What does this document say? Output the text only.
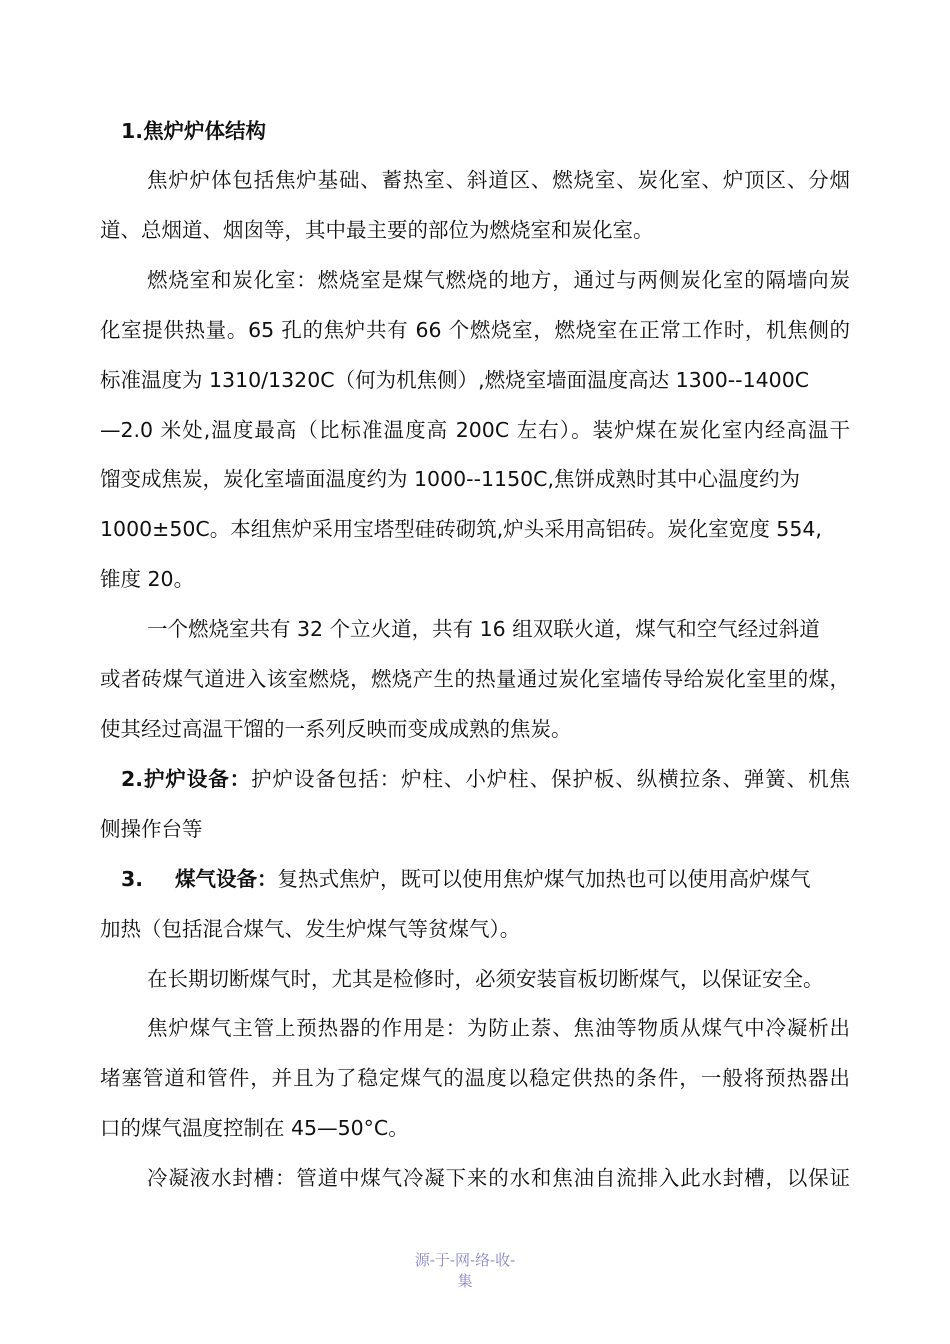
1.焦炉炉体结构
焦炉炉体包括焦炉基础、蓄热室、斜道区、燃烧室、炭化室、炉顶区、分烟
道、总烟道、烟囱等，其中最主要的部位为燃烧室和炭化室。
燃烧室和炭化室：燃烧室是煤气燃烧的地方，通过与两侧炭化室的隔墙向炭
化室提供热量。65 孔的焦炉共有 66 个燃烧室，燃烧室在正常工作时，机焦侧的
标准温度为 1310/1320C（何为机焦侧）,燃烧室墙面温度高达 1300--1400C
—2.0 米处,温度最高（比标准温度高 200C 左右）。装炉煤在炭化室内经高温干
馏变成焦炭，炭化室墙面温度约为 1000--1150C,焦饼成熟时其中心温度约为
1000±50C。本组焦炉采用宝塔型硅砖砌筑,炉头采用高铝砖。炭化室宽度 554,
锥度 20。
一个燃烧室共有 32 个立火道，共有 16 组双联火道，煤气和空气经过斜道
或者砖煤气道进入该室燃烧，燃烧产生的热量通过炭化室墙传导给炭化室里的煤，
使其经过高温干馏的一系列反映而变成成熟的焦炭。
2.护炉设备：护炉设备包括：炉柱、小炉柱、保护板、纵横拉条、弹簧、机焦
侧操作台等
3. 煤气设备：复热式焦炉，既可以使用焦炉煤气加热也可以使用高炉煤气
加热（包括混合煤气、发生炉煤气等贫煤气）。
在长期切断煤气时，尤其是检修时，必须安装盲板切断煤气，以保证安全。
焦炉煤气主管上预热器的作用是：为防止萘、焦油等物质从煤气中冷凝析出
堵塞管道和管件，并且为了稳定煤气的温度以稳定供热的条件，一般将预热器出
口的煤气温度控制在 45—50°C。
冷凝液水封槽：管道中煤气冷凝下来的水和焦油自流排入此水封槽，以保证
源-于-网-络-收-
集
